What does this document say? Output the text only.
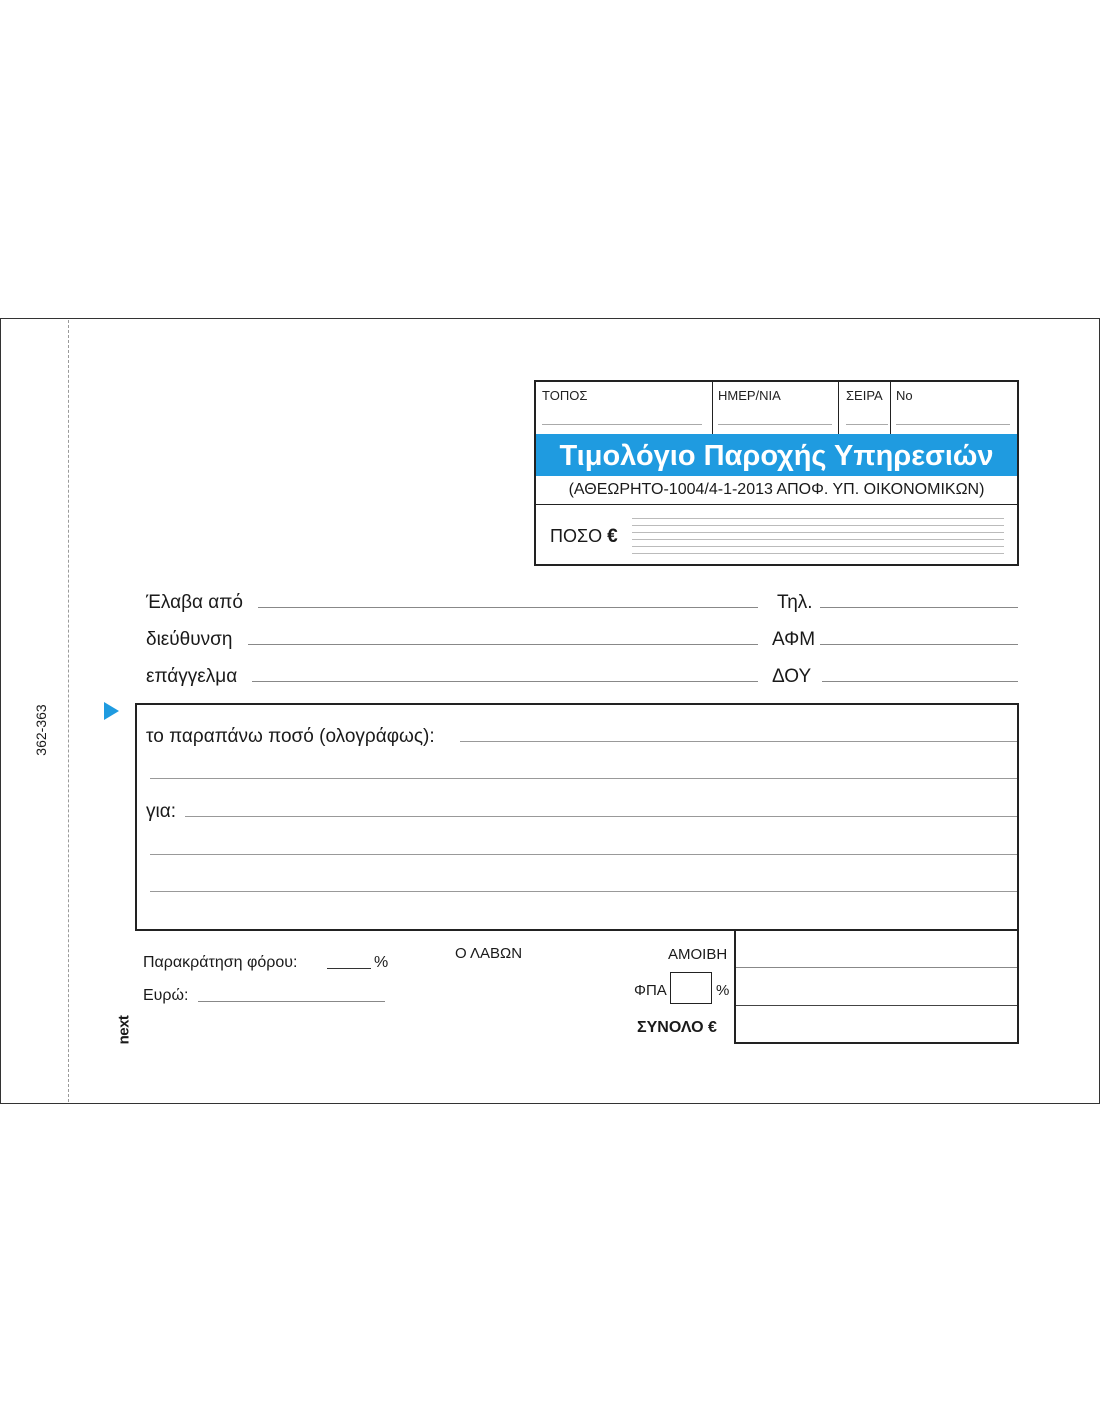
362-363
next
ΤΟΠΟΣ	ΗΜΕΡ/ΝΙΑ	ΣΕΙΡΑ No
Τιμολόγιο Παροχής Υπηρεσιών
(ΑΘΕΩΡΗΤΟ-1004/4-1-2013 ΑΠΟΦ. ΥΠ. ΟΙΚΟΝΟΜΙΚΩΝ)
ΠΟΣΟ €
Έλαβα από	Τηλ.
διεύθυνση	ΑΦΜ
επάγγελμα	ΔΟΥ
το παραπάνω ποσό (ολογράφως):
για:
Παρακράτηση φόρου:	%
Ευρώ:
Ο ΛΑΒΩΝ	ΑΜΟΙΒΗ
ΦΠΑ	%
ΣΥΝΟΛΟ €
